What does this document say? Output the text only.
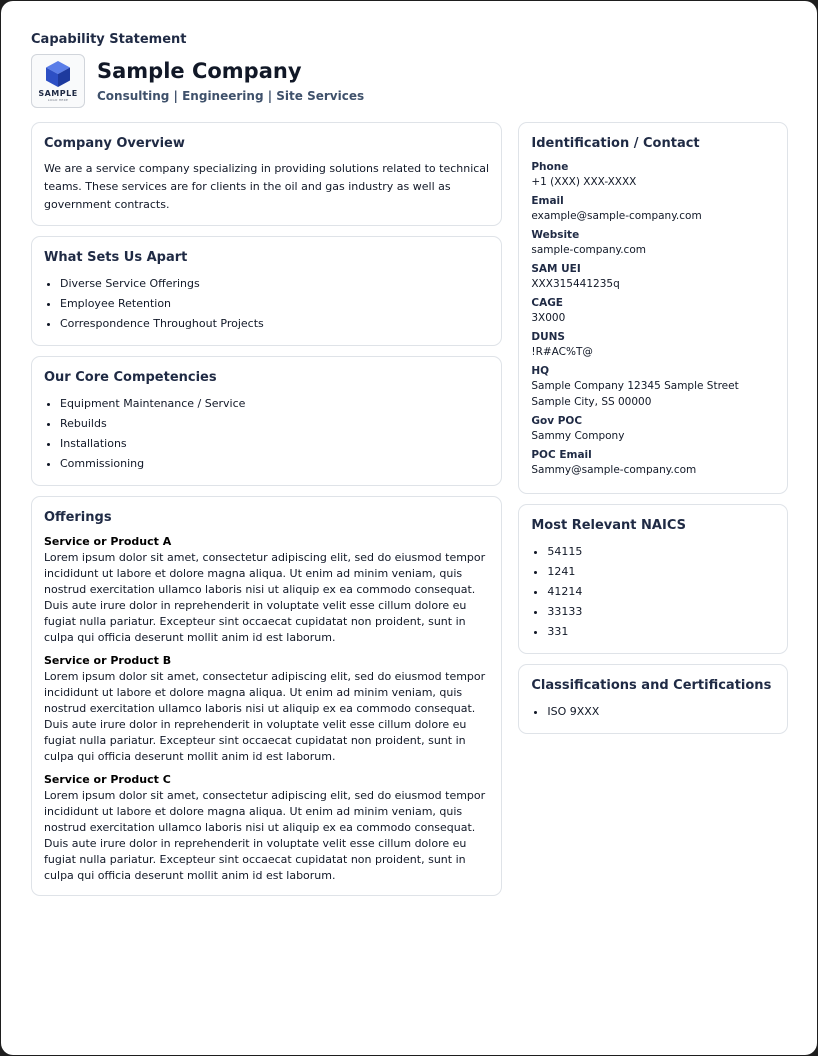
Capability Statement
SAMPLE
LOGO HERE
Sample Company
Consulting | Engineering | Site Services
Company Overview

We are a service company specializing in providing solutions related to technical teams. These services are for clients in the oil and gas industry as well as government contracts.

What Sets Us Apart
• Diverse Service Offerings
• Employee Retention
• Correspondence Throughout Projects
Our Core Competencies
• Equipment Maintenance / Service
• Rebuilds
• Installations
• Commissioning
Offerings
Service or Product A
Lorem ipsum dolor sit amet, consectetur adipiscing elit, sed do eiusmod tempor incididunt ut labore et dolore magna aliqua. Ut enim ad minim veniam, quis nostrud exercitation ullamco laboris nisi ut aliquip ex ea commodo consequat. Duis aute irure dolor in reprehenderit in voluptate velit esse cillum dolore eu fugiat nulla pariatur. Excepteur sint occaecat cupidatat non proident, sunt in culpa qui officia deserunt mollit anim id est laborum.
Service or Product B
Lorem ipsum dolor sit amet, consectetur adipiscing elit, sed do eiusmod tempor incididunt ut labore et dolore magna aliqua. Ut enim ad minim veniam, quis nostrud exercitation ullamco laboris nisi ut aliquip ex ea commodo consequat. Duis aute irure dolor in reprehenderit in voluptate velit esse cillum dolore eu fugiat nulla pariatur. Excepteur sint occaecat cupidatat non proident, sunt in culpa qui officia deserunt mollit anim id est laborum.
Service or Product C
Lorem ipsum dolor sit amet, consectetur adipiscing elit, sed do eiusmod tempor incididunt ut labore et dolore magna aliqua. Ut enim ad minim veniam, quis nostrud exercitation ullamco laboris nisi ut aliquip ex ea commodo consequat. Duis aute irure dolor in reprehenderit in voluptate velit esse cillum dolore eu fugiat nulla pariatur. Excepteur sint occaecat cupidatat non proident, sunt in culpa qui officia deserunt mollit anim id est laborum.
Identification / Contact
Phone
+1 (XXX) XXX-XXXX
Email
example@sample-company.com
Website
sample-company.com
SAM UEI
XXX315441235q
CAGE
3X000
DUNS
!R#AC%T@
HQ
Sample Company 12345 Sample Street Sample City, SS 00000
Gov POC
Sammy Compony
POC Email
Sammy@sample-company.com
Most Relevant NAICS
• 54115
• 1241
• 41214
• 33133
• 331
Classifications and Certifications
• ISO 9XXX
